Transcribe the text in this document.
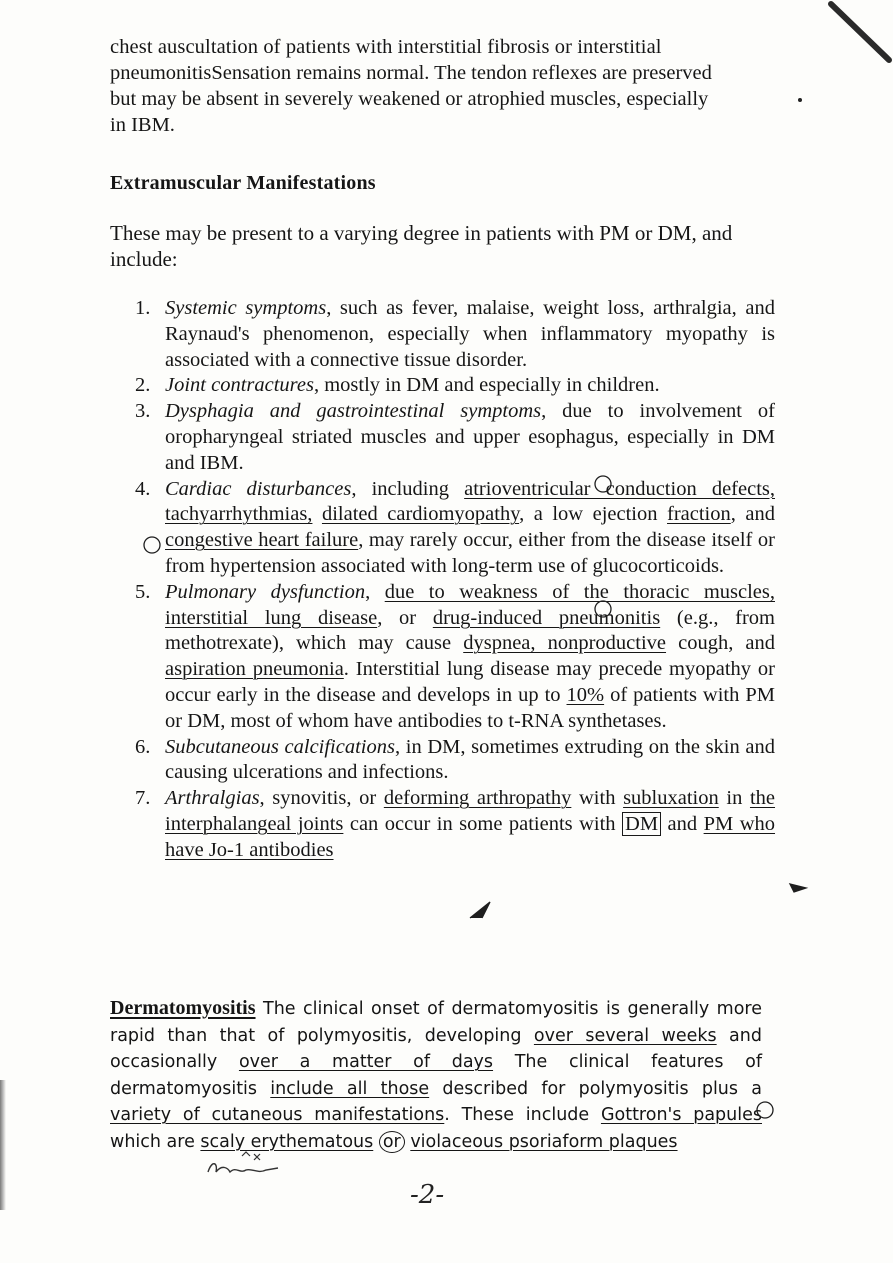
chest auscultation of patients with interstitial fibrosis or interstitial
pneumonitisSensation remains normal. The tendon reflexes are preserved
but may be absent in severely weakened or atrophied muscles, especially
in IBM.

Extramuscular Manifestations

These may be present to a varying degree in patients with PM or DM, and include:

1. Systemic symptoms, such as fever, malaise, weight loss, arthralgia, and Raynaud's phenomenon, especially when inflammatory myopathy is associated with a connective tissue disorder.
2. Joint contractures, mostly in DM and especially in children.
3. Dysphagia and gastrointestinal symptoms, due to involvement of oropharyngeal striated muscles and upper esophagus, especially in DM and IBM.
4. Cardiac disturbances, including atrioventricular conduction defects, tachyarrhythmias, dilated cardiomyopathy, a low ejection fraction, and congestive heart failure, may rarely occur, either from the disease itself or from hypertension associated with long-term use of glucocorticoids.
5. Pulmonary dysfunction, due to weakness of the thoracic muscles, interstitial lung disease, or drug-induced pneumonitis (e.g., from methotrexate), which may cause dyspnea, nonproductive cough, and aspiration pneumonia. Interstitial lung disease may precede myopathy or occur early in the disease and develops in up to 10% of patients with PM or DM, most of whom have antibodies to t-RNA synthetases.
6. Subcutaneous calcifications, in DM, sometimes extruding on the skin and causing ulcerations and infections.
7. Arthralgias, synovitis, or deforming arthropathy with subluxation in the interphalangeal joints can occur in some patients with DM and PM who have Jo-1 antibodies

Dermatomyositis The clinical onset of dermatomyositis is generally more rapid than that of polymyositis, developing over several weeks and occasionally over a matter of days The clinical features of dermatomyositis include all those described for polymyositis plus a variety of cutaneous manifestations. These include Gottron's papules which are scaly erythematous or violaceous psoriaform plaques

-2-
